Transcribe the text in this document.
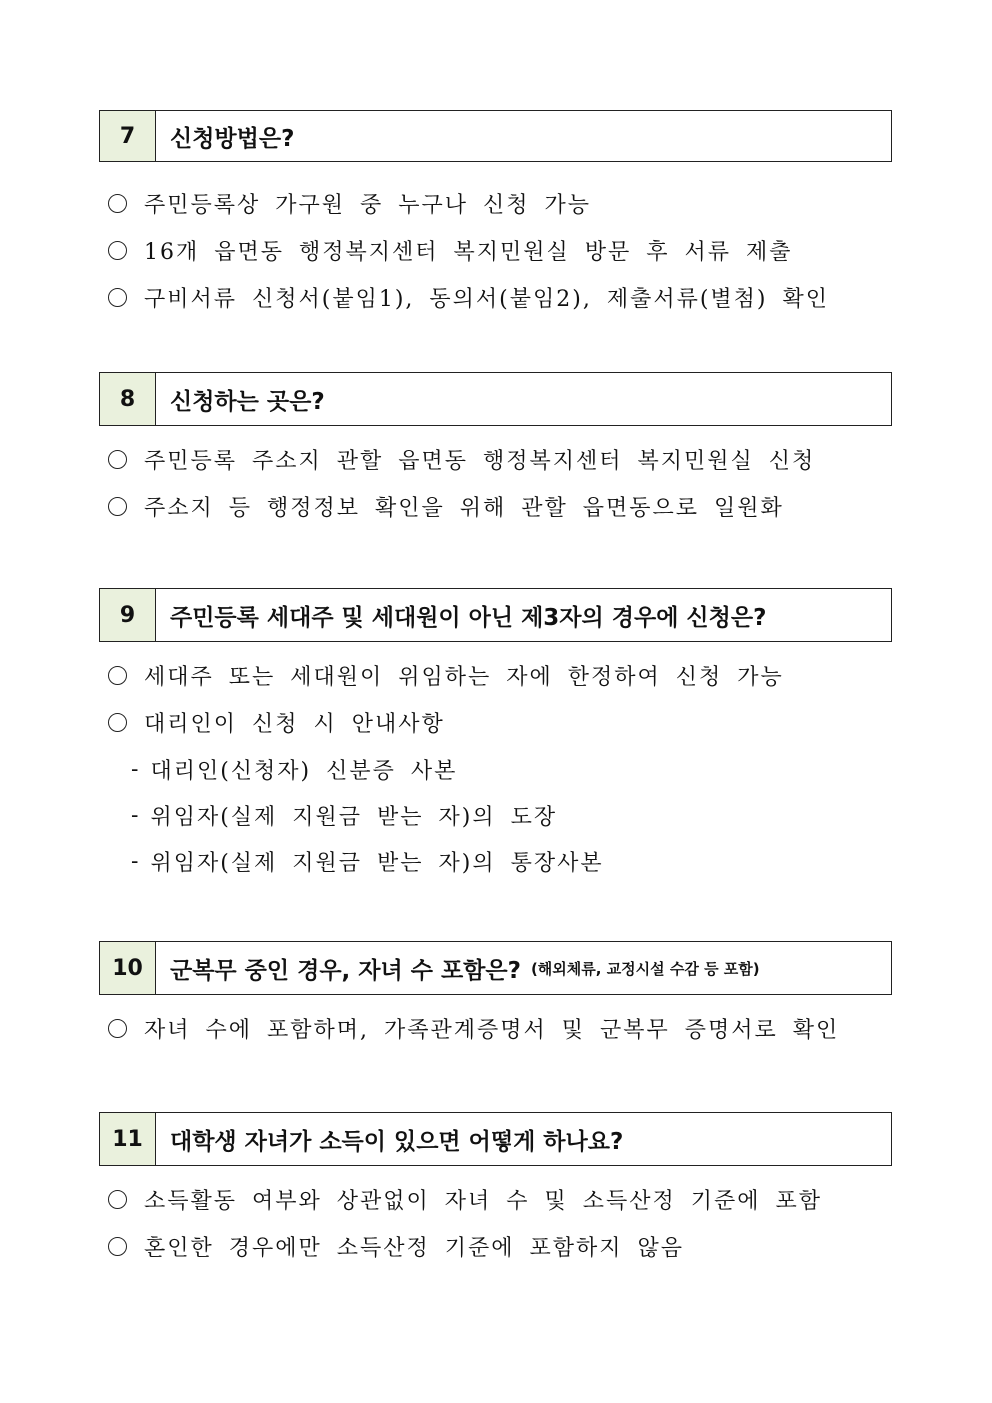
7	신청방법은?
주민등록상 가구원 중 누구나 신청 가능
16개 읍면동 행정복지센터 복지민원실 방문 후 서류 제출
구비서류 신청서(붙임1), 동의서(붙임2), 제출서류(별첨) 확인
8	신청하는 곳은?
주민등록 주소지 관할 읍면동 행정복지센터 복지민원실 신청
주소지 등 행정정보 확인을 위해 관할 읍면동으로 일원화
9	주민등록 세대주 및 세대원이 아닌 제3자의 경우에 신청은?
세대주 또는 세대원이 위임하는 자에 한정하여 신청 가능
대리인이 신청 시 안내사항
- 대리인(신청자) 신분증 사본
- 위임자(실제 지원금 받는 자)의 도장
- 위임자(실제 지원금 받는 자)의 통장사본
10	군복무 중인 경우, 자녀 수 포함은? (해외체류, 교정시설 수감 등 포함)
자녀 수에 포함하며, 가족관계증명서 및 군복무 증명서로 확인
11	대학생 자녀가 소득이 있으면 어떻게 하나요?
소득활동 여부와 상관없이 자녀 수 및 소득산정 기준에 포함
혼인한 경우에만 소득산정 기준에 포함하지 않음
